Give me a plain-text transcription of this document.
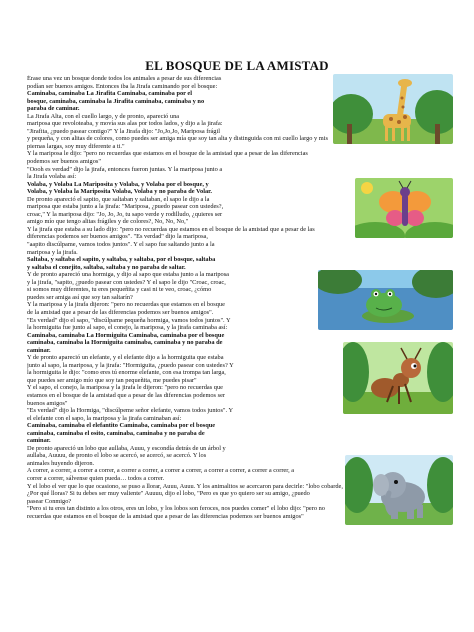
EL BOSQUE DE LA AMISTAD

Érase una vez un bosque donde todos los animales a pesar de sus diferencias

podían ser buenos amigos. Entonces iba la Jirafa caminando por el bosque:

Caminaba, caminaba La Jirafita Caminaba, caminaba por el

bosque, caminaba, caminaba la Jirafita caminaba, caminaba y no

paraba de caminar.

La Jirafa Alta, con el cuello largo, y de pronto, apareció una

mariposa que revoloteaba, y movía sus alas por todos lados, y dijo a la jirafa:

"Jirafita, ¿puedo pasear contigo?" Y la Jirafa dijo: "Jo,Jo,Jo, Mariposa frágil

y pequeña, y con alitas de colores, como puedes ser amiga mía que soy tan alta y distinguida con mi cuello largo y mis

piernas largas, soy muy diferente a ti."

Y la mariposa le dijo: "pero no recuerdas que estamos en el bosque de la amistad que a pesar de las diferencias

podemos ser buenos amigos"

"Oooh es verdad" dijo la jirafa, entonces fueron juntas. Y la mariposa junto a

la Jirafa volaba así:

Volaba, y Volaba La Mariposita y Volaba, y Volaba por el bosque, y

Volaba, y Volaba la Mariposita Volaba, Volaba y no paraba de Volar.

De pronto apareció el sapito, que saltaban y saltaban, el sapo le dijo a la

mariposa que estaba junto a la jirafa: "Mariposa, ¿puedo pasear con ustedes?,

croac," Y la mariposa dijo: "Jo, Jo, Jo, tu sapo verde y rodilludo, ¿quieres ser

amigo mío que tengo alitas frágiles y de colores?, No, No, No,"

Y la jirafa que estaba a su lado dijo: "pero no recuerdas que estamos en el bosque de la amistad que a pesar de las

diferencias podemos ser buenos amigos". "Es verdad" dijo la mariposa,

"aapito discúlpame, vamos todos juntos". Y el sapo fue saltando junto a la

mariposa y la jirafa.

Saltaba, y saltaba el sapito, y saltaba, y saltaba, por el bosque, saltaba

y saltaba el conejito, saltaba, saltaba y no paraba de saltar.

Y de pronto apareció una hormiga, y dijo al sapo que estaba junto a la mariposa

y la jirafa, "sapito, ¿puedo pasear con ustedes? Y el sapo le dijo "Croac, croac,

si somos muy diferentes, tu eres pequeñita y casi ni te veo, croac, ¿cómo

puedes ser amiga así que soy tan saltarín?

Y la mariposa y la jirafa dijeron: "pero no recuerdas que estamos en el bosque

de la amistad que a pesar de las diferencias podemos ser buenos amigos".

"Es verdad" dijo el sapo, "discúlpame pequeña hormiga, vamos todos juntos". Y

la hormiguita fue junto al sapo, el conejo, la mariposa, y la jirafa caminaba así:

Caminaba, caminaba La Hormiguita Caminaba, caminaba por el bosque

caminaba, caminaba la Hormiguita caminaba, caminaba y no paraba de

caminar.

Y de pronto apareció un elefante, y el elefante dijo a la hormiguita que estaba

junto al sapo, la mariposa, y la jirafa: "Hormiguita, ¿puedo pasear con ustedes? Y

la hormiguita le dijo: "como eres tú enorme elefante, con esa trompa tan larga,

que puedes ser amigo mío que soy tan pequeñita, me puedes pisar"

Y el sapo, el conejo, la mariposa y la jirafa le dijeron: "pero no recuerdas que

estamos en el bosque de la amistad que a pesar de las diferencias podemos ser

buenos amigos"

"Es verdad" dijo la Hormiga, "discúlpeme señor elefante, vamos todos juntos". Y

el elefante con el sapo, la mariposa y la jirafa caminaban así:

Caminaba, caminaba el elefantito Caminaba, caminaba por el bosque

caminaba, caminaba el osito, caminaba, caminaba y no paraba de

caminar.

De pronto apareció un lobo que aullaba, Auuu, y escondía detrás de un árbol y

aullaba, Auuuu, de pronto el lobo se acercó, se acercó, se acercó. Y los

animales huyendo dijeron.

A correr, a correr, a correr a correr, a correr a correr, a correr a correr, a correr a correr, a correr a correr, a

correr a correr, sálvense quien pueda… todos a correr.

Y el lobo el ver que lo que ocasiono, se puso a llorar, Auuu, Auuu. Y los animalitos se acercaron para decirle: "lobo cobarde,

¿Por qué lloras? Si tu debes ser muy valiente" Auuuu, dijo el lobo, "Pero es que yo quiero ser su amigo, ¿puedo

pasear Conmigo?

"Pero si tu eres tan distinto a los otros, eres un lobo, y los lobos son feroces, nos puedes comer" el lobo dijo: "pero no

recuerdas que estamos en el bosque de la amistad que a pesar de las diferencias podemos ser buenos amigos"
